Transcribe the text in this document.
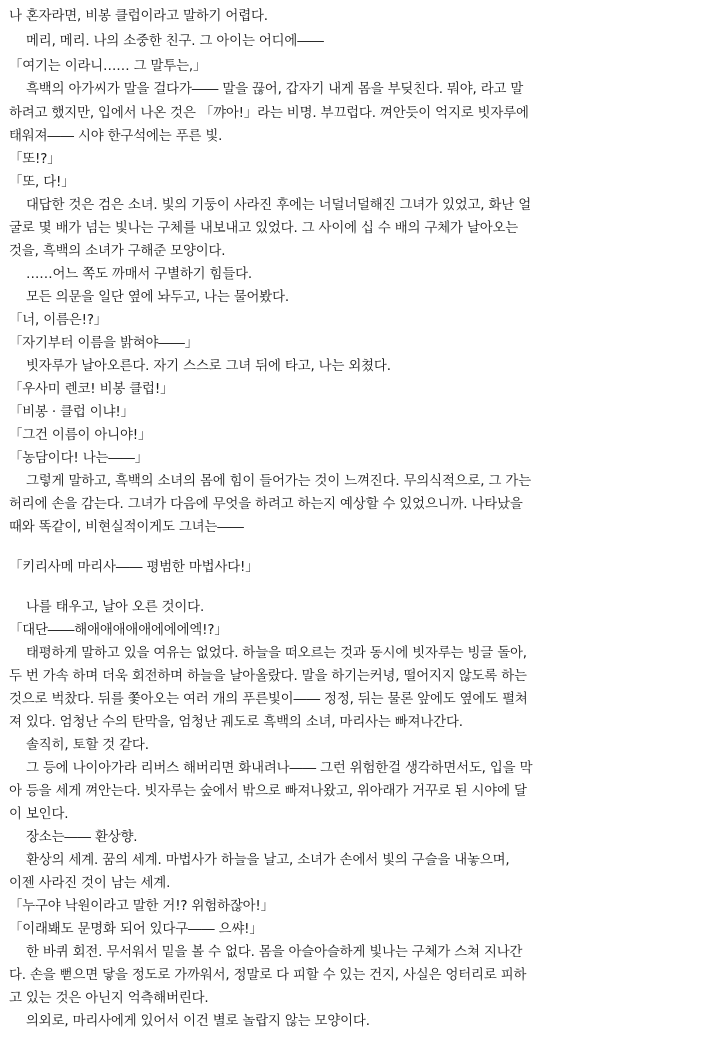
나 혼자라면, 비봉 클럽이라고 말하기 어렵다.
메리, 메리. 나의 소중한 친구. 그 아이는 어디에――
「여기는 이라니…… 그 말투는,」
흑백의 아가씨가 말을 걸다가―― 말을 끊어, 갑자기 내게 몸을 부딪친다. 뭐야, 라고 말
하려고 했지만, 입에서 나온 것은 「꺄아!」라는 비명. 부끄럽다. 껴안듯이 억지로 빗자루에
태워져―― 시야 한구석에는 푸른 빛.
「또!?」
「또, 다!」
대답한 것은 검은 소녀. 빛의 기둥이 사라진 후에는 너덜너덜해진 그녀가 있었고, 화난 얼
굴로 몇 배가 넘는 빛나는 구체를 내보내고 있었다. 그 사이에 십 수 배의 구체가 날아오는
것을, 흑백의 소녀가 구해준 모양이다.
……어느 쪽도 까매서 구별하기 힘들다.
모든 의문을 일단 옆에 놔두고, 나는 물어봤다.
「너, 이름은!?」
「자기부터 이름을 밝혀야――」
빗자루가 날아오른다. 자기 스스로 그녀 뒤에 타고, 나는 외쳤다.
「우사미 렌코! 비봉 클럽!」
「비봉 · 클럽 이냐!」
「그건 이름이 아니야!」
「농담이다! 나는――」
그렇게 말하고, 흑백의 소녀의 몸에 힘이 들어가는 것이 느껴진다. 무의식적으로, 그 가는
허리에 손을 감는다. 그녀가 다음에 무엇을 하려고 하는지 예상할 수 있었으니까. 나타났을
때와 똑같이, 비현실적이게도 그녀는――
「키리사메 마리사―― 평범한 마법사다!」
나를 태우고, 날아 오른 것이다.
「대단――해애애애애애에에에엑!?」
태평하게 말하고 있을 여유는 없었다. 하늘을 떠오르는 것과 동시에 빗자루는 빙글 돌아,
두 번 가속 하며 더욱 회전하며 하늘을 날아올랐다. 말을 하기는커녕, 떨어지지 않도록 하는
것으로 벅찼다. 뒤를 쫓아오는 여러 개의 푸른빛이―― 정정, 뒤는 물론 앞에도 옆에도 펼쳐
져 있다. 엄청난 수의 탄막을, 엄청난 궤도로 흑백의 소녀, 마리사는 빠져나간다.
솔직히, 토할 것 같다.
그 등에 나이아가라 리버스 해버리면 화내려나―― 그런 위험한걸 생각하면서도, 입을 막
아 등을 세게 껴안는다. 빗자루는 숲에서 밖으로 빠져나왔고, 위아래가 거꾸로 된 시야에 달
이 보인다.
장소는―― 환상향.
환상의 세계. 꿈의 세계. 마법사가 하늘을 날고, 소녀가 손에서 빛의 구슬을 내놓으며,
이젠 사라진 것이 남는 세계.
「누구야 낙원이라고 말한 거!? 위험하잖아!」
「이래봬도 문명화 되어 있다구―― 으쌰!」
한 바퀴 회전. 무서워서 밑을 볼 수 없다. 몸을 아슬아슬하게 빛나는 구체가 스쳐 지나간
다. 손을 뻗으면 닿을 정도로 가까워서, 정말로 다 피할 수 있는 건지, 사실은 엉터리로 피하
고 있는 것은 아닌지 억측해버린다.
의외로, 마리사에게 있어서 이건 별로 놀랍지 않는 모양이다.
